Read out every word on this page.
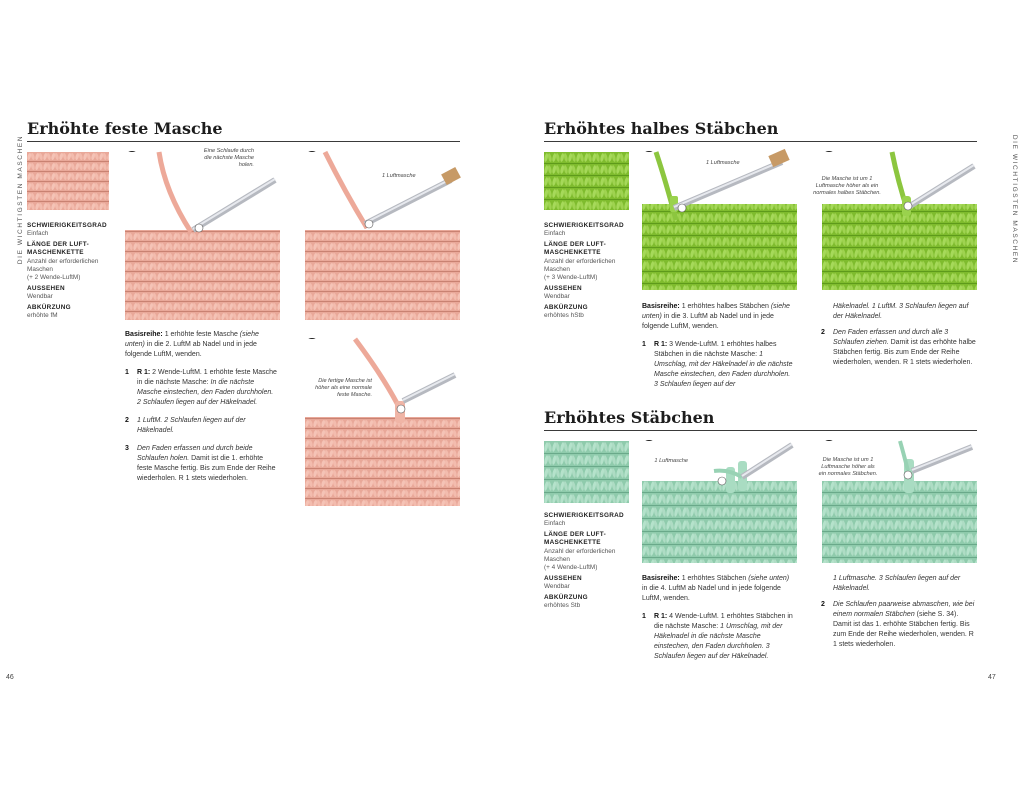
DIE WICHTIGSTEN MASCHEN	DIE WICHTIGSTEN MASCHEN
46	47
Erhöhte feste Masche
SCHWIERIGKEITSGRAD
Einfach
LÄNGE DER LUFT-MASCHENKETTE
Anzahl der erforderlichen
Maschen
(+ 2 Wende-LuftM)
AUSSEHEN
Wendbar
ABKÜRZUNG
erhöhte fM
Eine Schlaufe durch die nächste Masche holen.
1 Luftmasche
Die fertige Masche ist höher als eine normale feste Masche.

Basisreihe: 1 erhöhte feste Masche (siehe unten) in die 2. LuftM ab Nadel und in jede folgende LuftM, wenden.

1	R 1: 2 Wende-LuftM. 1 erhöhte feste Masche in die nächste Masche: In die nächste Masche einstechen, den Faden durchholen. 2 Schlaufen liegen auf der Häkelnadel.
2	1 LuftM. 2 Schlaufen liegen auf der Häkelnadel.
3	Den Faden erfassen und durch beide Schlaufen holen. Damit ist die 1. erhöhte feste Masche fertig. Bis zum Ende der Reihe wiederholen. R 1 stets wiederholen.
Erhöhtes halbes Stäbchen
SCHWIERIGKEITSGRAD
Einfach
LÄNGE DER LUFT-MASCHENKETTE
Anzahl der erforderlichen
Maschen
(+ 3 Wende-LuftM)
AUSSEHEN
Wendbar
ABKÜRZUNG
erhöhtes hStb
1 Luftmasche
Die Masche ist um 1 Luftmasche höher als ein normales halbes Stäbchen.

Basisreihe: 1 erhöhtes halbes Stäbchen (siehe unten) in die 3. LuftM ab Nadel und in jede folgende LuftM, wenden.

1	R 1: 3 Wende-LuftM. 1 erhöhtes halbes Stäbchen in die nächste Masche: 1 Umschlag, mit der Häkelnadel in die nächste Masche einstechen, den Faden durchholen. 3 Schlaufen liegen auf der

Häkelnadel. 1 LuftM. 3 Schlaufen liegen auf der Häkelnadel.

2	Den Faden erfassen und durch alle 3 Schlaufen ziehen. Damit ist das erhöhte halbe Stäbchen fertig. Bis zum Ende der Reihe wiederholen, wenden. R 1 stets wiederholen.
Erhöhtes Stäbchen
SCHWIERIGKEITSGRAD
Einfach
LÄNGE DER LUFT-MASCHENKETTE
Anzahl der erforderlichen
Maschen
(+ 4 Wende-LuftM)
AUSSEHEN
Wendbar
ABKÜRZUNG
erhöhtes Stb
1 Luftmasche	Die Masche ist um 1 Luftmasche höher als ein normales Stäbchen.

Basisreihe: 1 erhöhtes Stäbchen (siehe unten) in die 4. LuftM ab Nadel und in jede folgende LuftM, wenden.

1	R 1: 4 Wende-LuftM. 1 erhöhtes Stäbchen in die nächste Masche: 1 Umschlag, mit der Häkelnadel in die nächste Masche einstechen, den Faden durchholen. 3 Schlaufen liegen auf der Häkelnadel.

1 Luftmasche. 3 Schlaufen liegen auf der Häkelnadel.

2	Die Schlaufen paarweise abmaschen, wie bei einem normalen Stäbchen (siehe S. 34). Damit ist das 1. erhöhte Stäbchen fertig. Bis zum Ende der Reihe wiederholen, wenden. R 1 stets wiederholen.
